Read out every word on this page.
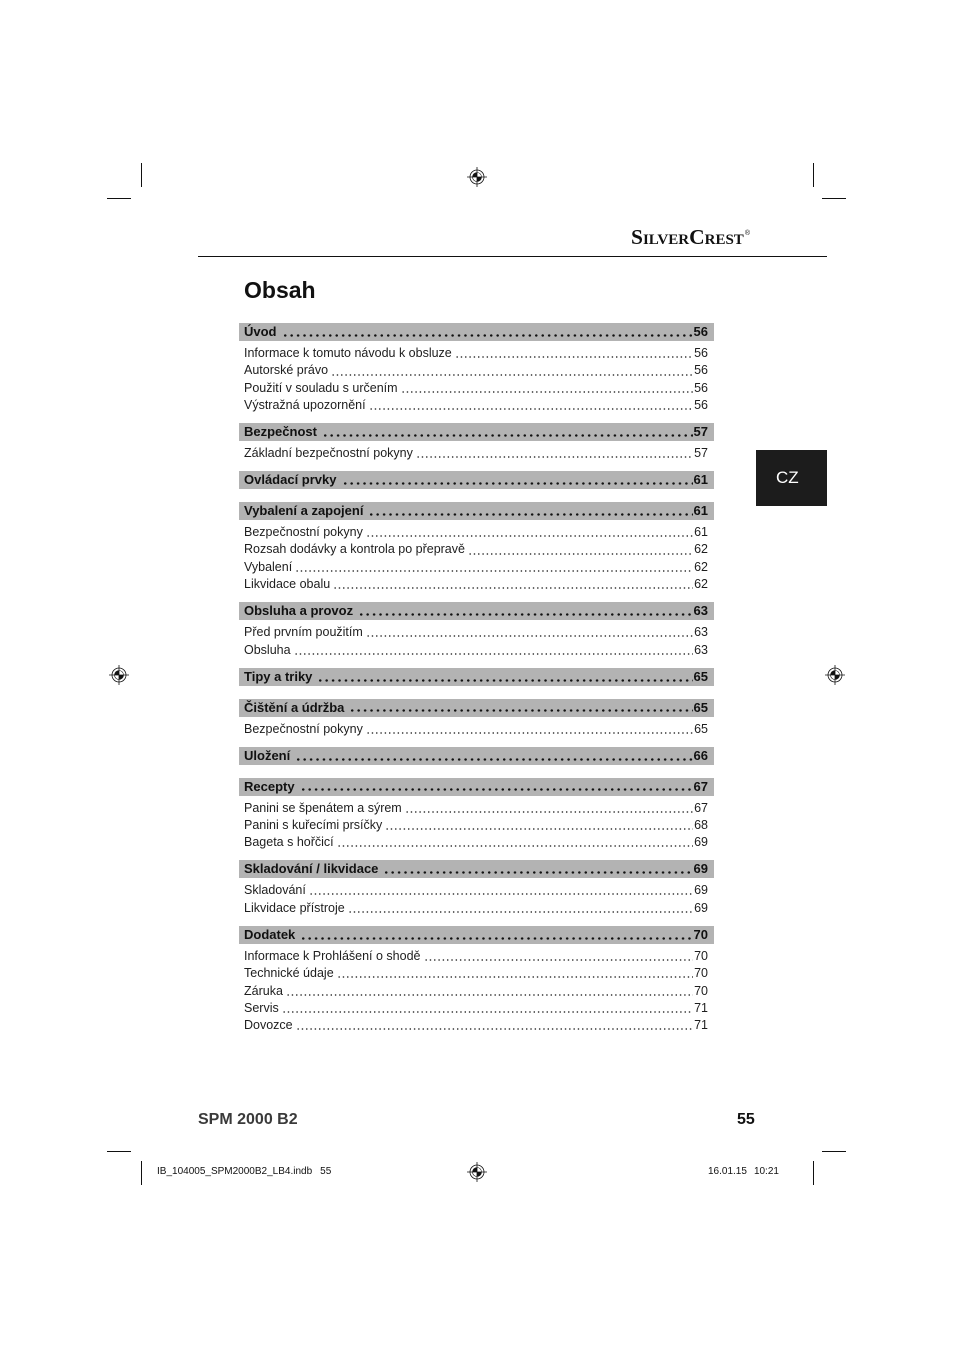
SilverCrest®
Obsah
CZ
Úvod	56
Informace k tomuto návodu k obsluze	56
Autorské právo	56
Použití v souladu s určením	56
Výstražná upozornění	56
Bezpečnost	57
Základní bezpečnostní pokyny	57
Ovládací prvky	61
Vybalení a zapojení	61
Bezpečnostní pokyny	61
Rozsah dodávky a kontrola po přepravě	62
Vybalení	62
Likvidace obalu	62
Obsluha a provoz	63
Před prvním použitím	63
Obsluha	63
Tipy a triky	65
Čištění a údržba	65
Bezpečnostní pokyny	65
Uložení	66
Recepty	67
Panini se špenátem a sýrem	67
Panini s kuřecími prsíčky	68
Bageta s hořčicí	69
Skladování / likvidace	69
Skladování	69
Likvidace přístroje	69
Dodatek	70
Informace k Prohlášení o shodě	70
Technické údaje	70
Záruka	70
Servis	71
Dovozce	71
SPM 2000 B2	55
IB_104005_SPM2000B2_LB4.indb 55	16.01.15 10:21
